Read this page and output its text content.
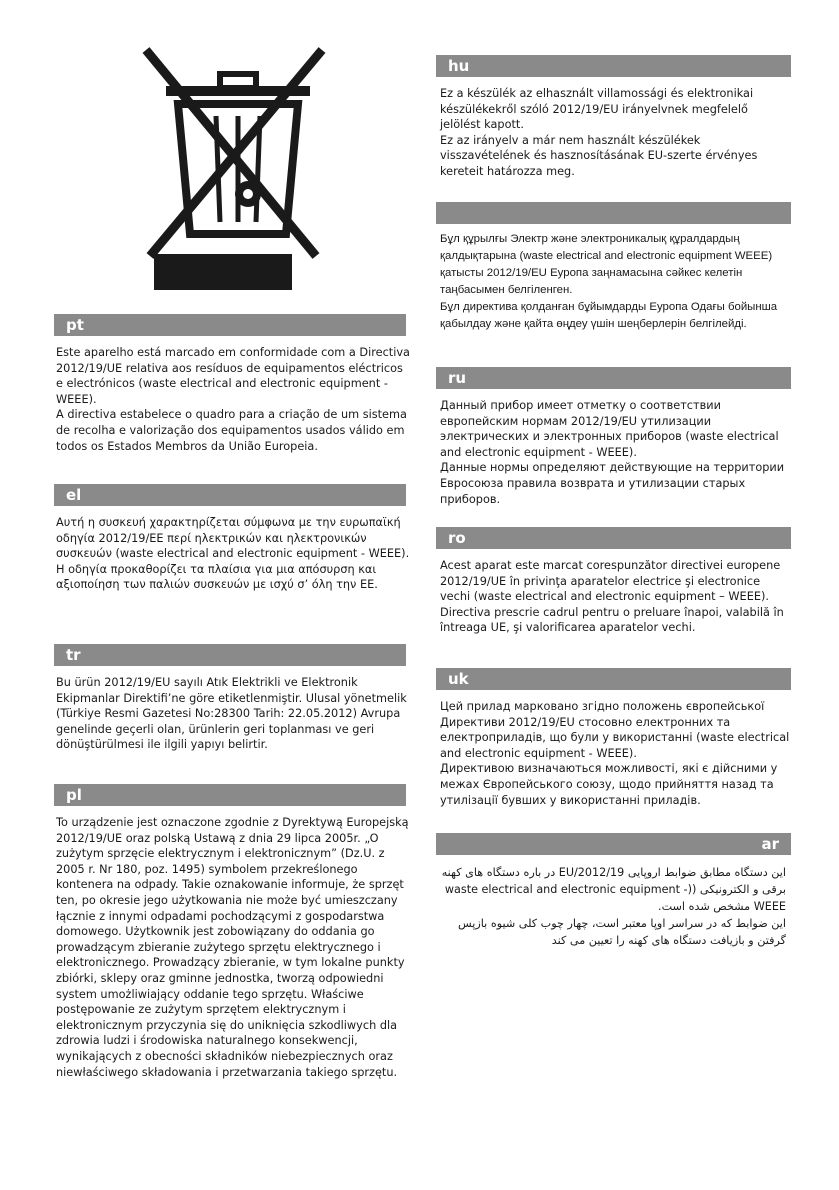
pt
Este aparelho está marcado em conformidade com a Directiva 2012/19/UE relativa aos resíduos de equipamentos eléctricos e electrónicos (waste electrical and electronic equipment - WEEE).
A directiva estabelece o quadro para a criação de um sistema de recolha e valorização dos equipamentos usados válido em todos os Estados Membros da União Europeia.
el
Αυτή η συσκευή χαρακτηρίζεται σύμφωνα με την ευρωπαϊκή οδηγία 2012/19/ΕΕ περί ηλεκτρικών και ηλεκτρονικών συσκευών (waste electrical and electronic equipment - WEEE).
Η οδηγία προκαθορίζει τα πλαίσια για μια απόσυρση και αξιοποίηση των παλιών συσκευών με ισχύ σ’ όλη την ΕΕ.
tr
Bu ürün 2012/19/EU sayılı Atık Elektrikli ve Elektronik Ekipmanlar Direktifi’ne göre etiketlenmiştir. Ulusal yönetmelik (Türkiye Resmi Gazetesi No:28300 Tarih: 22.05.2012) Avrupa genelinde geçerli olan, ürünlerin geri toplanması ve geri dönüştürülmesi ile ilgili yapıyı belirtir.
pl
To urządzenie jest oznaczone zgodnie z Dyrektywą Europejską 2012/19/UE oraz polską Ustawą z dnia 29 lipca 2005r. „O zużytym sprzęcie elektrycznym i elektronicznym” (Dz.U. z 2005 r. Nr 180, poz. 1495) symbolem przekreślonego kontenera na odpady. Takie oznakowanie informuje, że sprzęt ten, po okresie jego użytkowania nie może być umieszczany łącznie z innymi odpadami pochodzącymi z gospodarstwa domowego. Użytkownik jest zobowiązany do oddania go prowadzącym zbieranie zużytego sprzętu elektrycznego i elektronicznego. Prowadzący zbieranie, w tym lokalne punkty zbiórki, sklepy oraz gminne jednostka, tworzą odpowiedni system umożliwiający oddanie tego sprzętu. Właściwe postępowanie ze zużytym sprzętem elektrycznym i elektronicznym przyczynia się do uniknięcia szkodliwych dla zdrowia ludzi i środowiska naturalnego konsekwencji, wynikających z obecności składników niebezpiecznych oraz niewłaściwego składowania i przetwarzania takiego sprzętu.
hu
Ez a készülék az elhasznált villamossági és elektronikai készülékekről szóló 2012/19/EU irányelvnek megfelelő jelölést kapott.
Ez az irányelv a már nem használt készülékek visszavételének és hasznosításának EU-szerte érvényes kereteit határozza meg.
Бұл құрылғы Электр және электроникалық құралдардың қалдықтарына (waste electrical and electronic equipment WEEE) қатысты 2012/19/EU Еуропа заңнамасына сәйкес келетін таңбасымен белгіленген.
Бұл директива қолданған бұйымдарды Еуропа Одағы бойынша қабылдау және қайта өңдеу үшін шеңберлерін белгілейді.
ru
Данный прибор имеет отметку о соответствии европейским нормам 2012/19/EU утилизации электрических и электронных приборов (waste electrical and electronic equipment - WEEE).
Данные нормы определяют действующие на территории Евросоюза правила возврата и утилизации старых приборов.
ro
Acest aparat este marcat corespunzător directivei europene 2012/19/UE în privinţa aparatelor electrice şi electronice vechi (waste electrical and electronic equipment – WEEE).
Directiva prescrie cadrul pentru o preluare înapoi, valabilă în întreaga UE, şi valorificarea aparatelor vechi.
uk
Цей прилад марковано згідно положень європейської Директиви 2012/19/EU стосовно електронних та електроприладів, що були у використанні (waste electrical and electronic equipment - WEEE).
Директивою визначаються можливості, які є дійсними у межах Європейського союзу, щодо прийняття назад та утилізації бувших у використанні приладів.
ar
این دستگاه مطابق ضوابط اروپایی 2012/19/EU در باره دستگاه های کهنه برقی و الکترونیکی ((waste electrical and electronic equipment - WEEE مشخص شده است.
این ضوابط که در سراسر اوپا معتبر است، چهار چوب کلی شیوه بازپس گرفتن و بازیافت دستگاه های کهنه را تعیین می کند
